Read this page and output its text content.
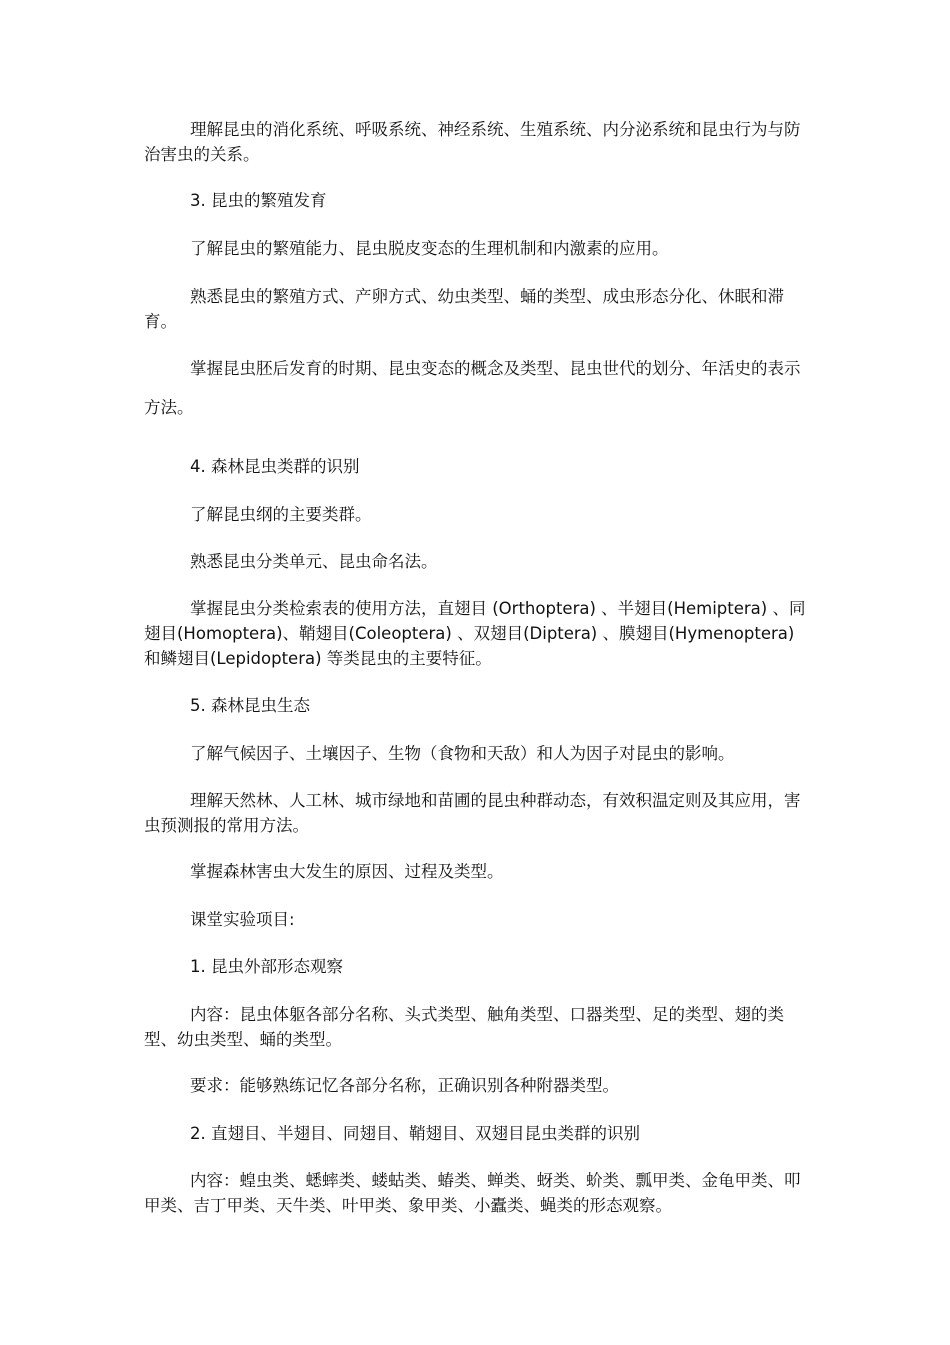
理解昆虫的消化系统、呼吸系统、神经系统、生殖系统、内分泌系统和昆虫行为与防治害虫的关系。

3. 昆虫的繁殖发育

了解昆虫的繁殖能力、昆虫脱皮变态的生理机制和内激素的应用。

熟悉昆虫的繁殖方式、产卵方式、幼虫类型、蛹的类型、成虫形态分化、休眠和滞育。

掌握昆虫胚后发育的时期、昆虫变态的概念及类型、昆虫世代的划分、年活史的表示方法。

4. 森林昆虫类群的识别

了解昆虫纲的主要类群。

熟悉昆虫分类单元、昆虫命名法。

掌握昆虫分类检索表的使用方法，直翅目 (Orthoptera) 、半翅目(Hemiptera) 、同翅目(Homoptera)、鞘翅目(Coleoptera) 、双翅目(Diptera) 、膜翅目(Hymenoptera) 和鳞翅目(Lepidoptera) 等类昆虫的主要特征。

5. 森林昆虫生态

了解气候因子、土壤因子、生物（食物和天敌）和人为因子对昆虫的影响。

理解天然林、人工林、城市绿地和苗圃的昆虫种群动态，有效积温定则及其应用，害虫预测报的常用方法。

掌握森林害虫大发生的原因、过程及类型。

课堂实验项目:

1. 昆虫外部形态观察

内容：昆虫体躯各部分名称、头式类型、触角类型、口器类型、足的类型、翅的类型、幼虫类型、蛹的类型。

要求：能够熟练记忆各部分名称，正确识别各种附器类型。

2. 直翅目、半翅目、同翅目、鞘翅目、双翅目昆虫类群的识别

内容：蝗虫类、蟋蟀类、蝼蛄类、蝽类、蝉类、蚜类、蚧类、瓢甲类、金龟甲类、叩甲类、吉丁甲类、天牛类、叶甲类、象甲类、小蠹类、蝇类的形态观察。
